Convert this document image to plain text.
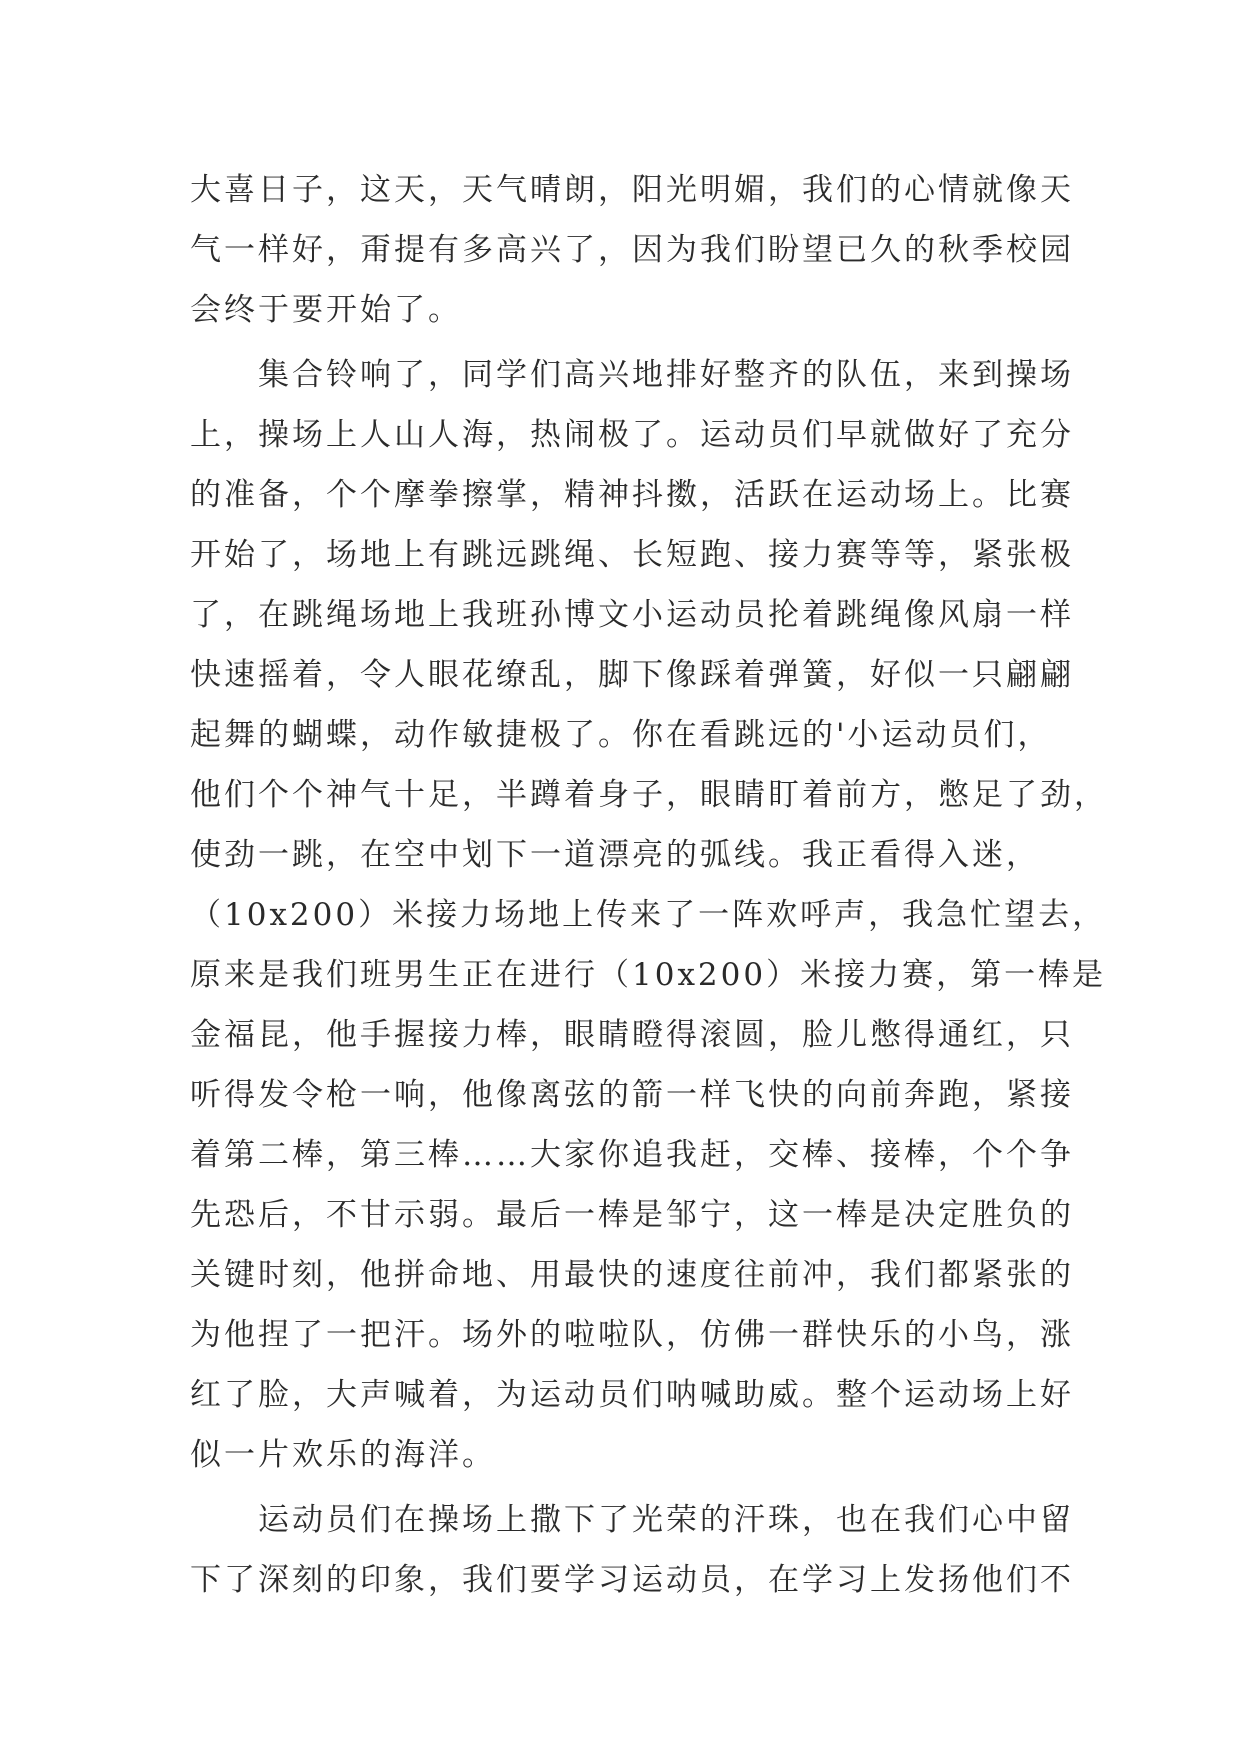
大喜日子，这天，天气晴朗，阳光明媚，我们的心情就像天
气一样好，甭提有多高兴了，因为我们盼望已久的秋季校园
会终于要开始了。
　　集合铃响了，同学们高兴地排好整齐的队伍，来到操场
上，操场上人山人海，热闹极了。运动员们早就做好了充分
的准备，个个摩拳擦掌，精神抖擞，活跃在运动场上。比赛
开始了，场地上有跳远跳绳、长短跑、接力赛等等，紧张极
了，在跳绳场地上我班孙博文小运动员抡着跳绳像风扇一样
快速摇着，令人眼花缭乱，脚下像踩着弹簧，好似一只翩翩
起舞的蝴蝶，动作敏捷极了。你在看跳远的'小运动员们，
他们个个神气十足，半蹲着身子，眼睛盯着前方，憋足了劲，
使劲一跳，在空中划下一道漂亮的弧线。我正看得入迷，
（10x200）米接力场地上传来了一阵欢呼声，我急忙望去，
原来是我们班男生正在进行（10x200）米接力赛，第一棒是
金福昆，他手握接力棒，眼睛瞪得滚圆，脸儿憋得通红，只
听得发令枪一响，他像离弦的箭一样飞快的向前奔跑，紧接
着第二棒，第三棒……大家你追我赶，交棒、接棒，个个争
先恐后，不甘示弱。最后一棒是邹宁，这一棒是决定胜负的
关键时刻，他拼命地、用最快的速度往前冲，我们都紧张的
为他捏了一把汗。场外的啦啦队，仿佛一群快乐的小鸟，涨
红了脸，大声喊着，为运动员们呐喊助威。整个运动场上好
似一片欢乐的海洋。
　　运动员们在操场上撒下了光荣的汗珠，也在我们心中留
下了深刻的印象，我们要学习运动员，在学习上发扬他们不
